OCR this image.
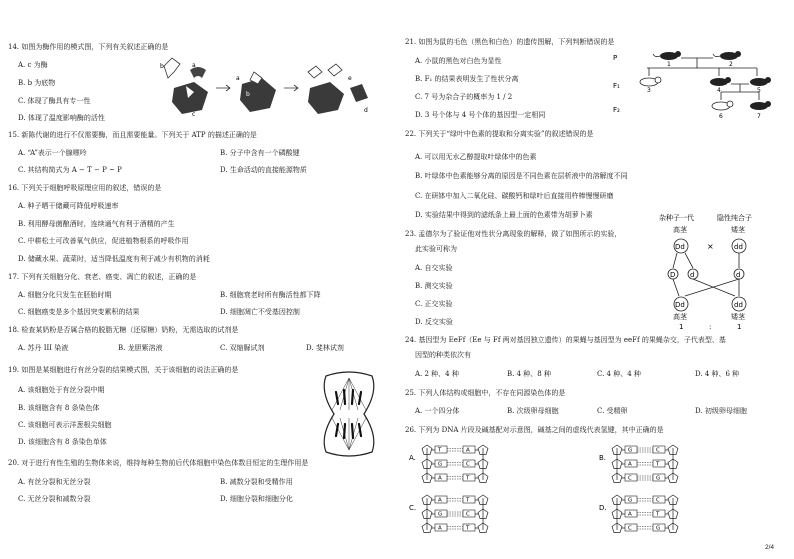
14. 如图为酶作用的模式图，下列有关叙述正确的是
A. c 为酶
B. b 为底物
C. 体现了酶具有专一性
D. 体现了温度影响酶的活性
b	a
c
a
b
e
d
15. 新陈代谢的进行不仅需要酶，而且需要能量。下列关于 ATP 的描述正确的是
A. “A”表示一个腺嘌呤	B. 分子中含有一个磷酸键
C. 其结构简式为 A − T − P ~ P	D. 生命活动的直接能源物质
16. 下列关于细胞呼吸原理应用的叙述，错误的是
A. 种子晒干储藏可降低呼吸速率
B. 利用酵母菌酿酒时，连续通气有利于酒精的产生
C. 中耕松土可改善氧气供应，促进植物根系的呼吸作用
D. 储藏水果、蔬菜时，适当降低温度有利于减少有机物的消耗
17. 下列有关细胞分化、衰老、癌变、凋亡的叙述，正确的是
A. 细胞分化只发生在胚胎时期	B. 细胞衰老时所有酶活性都下降
C. 细胞癌变是多个基因突变累积的结果	D. 细胞凋亡不受基因控制
18. 检查某奶粉是否属合格的脱脂无糖（还原糖）奶粉，无需选取的试剂是
A. 苏丹 III 染液	B. 龙胆紫溶液	C. 双缩脲试剂	D. 斐林试剂
19. 如图是某细胞进行有丝分裂的结果模式图，关于该细胞的说法正确的是
A. 该细胞处于有丝分裂中期
B. 该细胞含有 8 条染色体
C. 该细胞可表示洋葱根尖细胞
D. 该细胞含有 8 条染色单体
20. 对于进行有性生殖的生物体来说，维持每种生物前后代体细胞中染色体数目恒定的生理作用是
A. 有丝分裂和无丝分裂	B. 减数分裂和受精作用
C. 无丝分裂和减数分裂	D. 细胞分裂和细胞分化
21. 如图为鼠的毛色（黑色和白色）的遗传图解，下列判断错误的是
A. 小鼠的黑色对白色为显性
B. F₁ 的结果表明发生了性状分离
C. 7 号为杂合子的概率为 1 / 2
D. 3 号个体与 4 号个体的基因型一定相同
P
F₁
F₂
1	2
3	4	5
6	7
22. 下列关于“绿叶中色素的提取和分离实验”的叙述错误的是
A. 可以用无水乙醇提取叶绿体中的色素
B. 叶绿体中色素能够分离的原因是不同色素在层析液中的溶解度不同
C. 在研钵中加入二氧化硅、碳酸钙和绿叶后直接用杵棒慢慢研磨
D. 实验结果中得到的滤纸条上最上面的色素带为胡萝卜素
23. 孟德尔为了验证他对性状分离现象的解释，做了如图所示的实验，
此实验可称为
A. 自交实验
B. 测交实验
C. 正交实验
D. 反交实验
杂种子一代	隐性纯合子
高茎	矮茎
Dd	×	dd
D d	d
Dd	dd
高茎	矮茎
1	:	1
24. 基因型为 EeFf（Ee 与 Ff 两对基因独立遗传）的果蝇与基因型为 eeFf 的果蝇杂交，子代表型、基
因型的种类依次有
A. 2 种、4 种	B. 4 种、8 种	C. 4 种、4 种	D. 4 种、6 种
25. 下列人体结构或细胞中，不存在同源染色体的是
A. 一个四分体	B. 次级卵母细胞	C. 受精卵	D. 初级卵母细胞
26. 下列为 DNA 片段及碱基配对示意图，碱基之间的虚线代表氢键，其中正确的是
A.
T	A
G	C
A	T
B.
G	C
A	T
C	G
C.
A	T
G	C
A	T
D.
G	C
A	T
C	G
2/4
